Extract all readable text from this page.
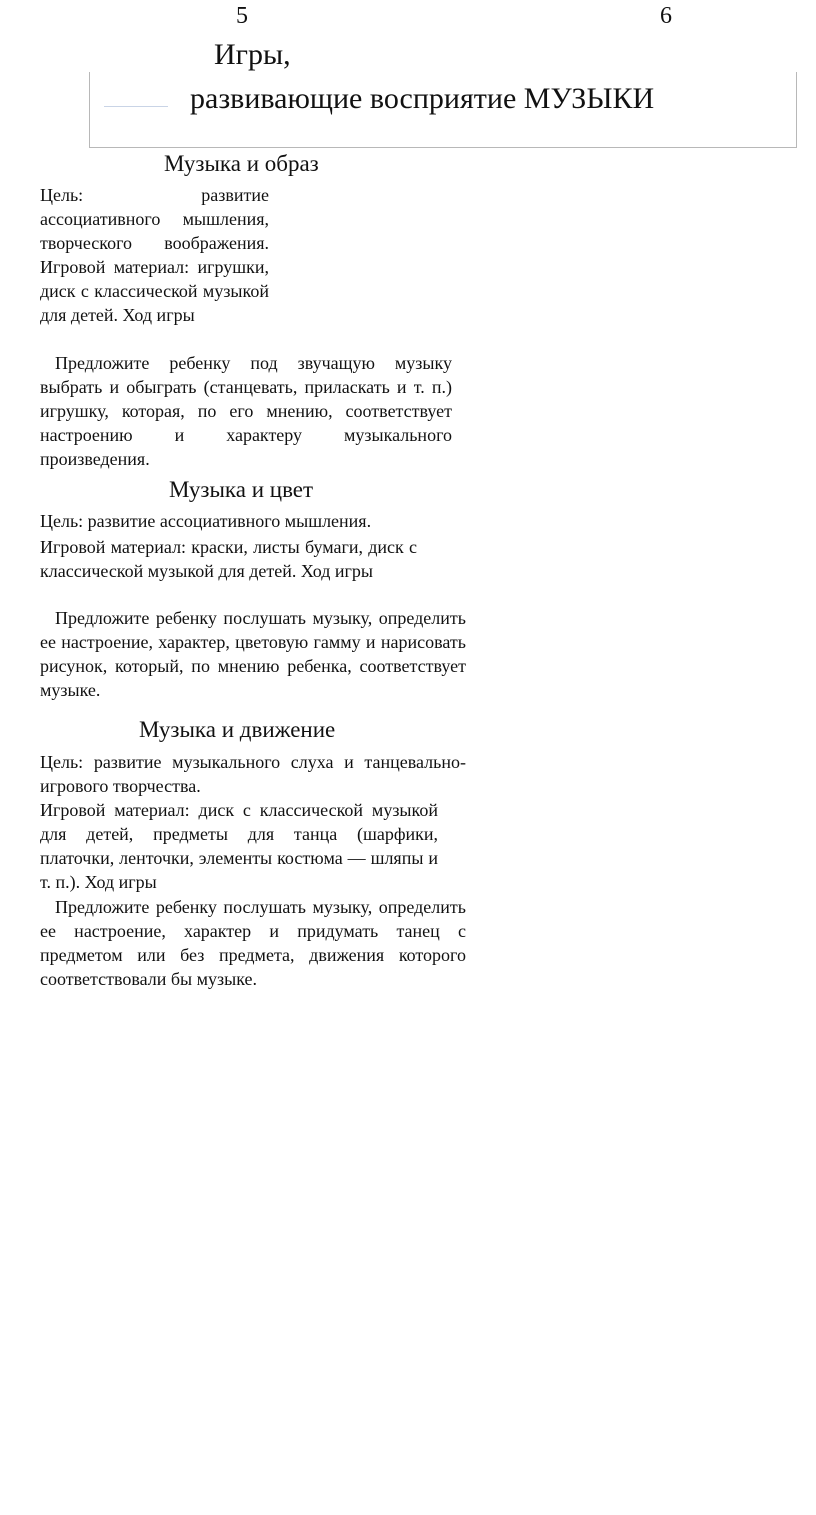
5	6
Игры,
развивающие восприятие МУЗЫКИ
Музыка и образ

Цель: развитие ассоциативного мышления, творческого воображения. Игровой материал: игрушки, диск с классической музыкой для детей. Ход игры

Предложите ребенку под звучащую музыку выбрать и обыграть (станцевать, приласкать и т. п.) игрушку, которая, по его мнению, соответствует настроению и характеру музыкального произведения.

Музыка и цвет

Цель: развитие ассоциативного мышления.

Игровой материал: краски, листы бумаги, диск с классической музыкой для детей. Ход игры

Предложите ребенку послушать музыку, определить ее настроение, характер, цветовую гамму и нарисовать рисунок, который, по мнению ребенка, соответствует музыке.

Музыка и движение

Цель: развитие музыкального слуха и танцевально-игрового творчества.

Игровой материал: диск с классической музыкой для детей, предметы для танца (шарфики, платочки, ленточки, элементы костюма — шляпы и т. п.). Ход игры

Предложите ребенку послушать музыку, определить ее настроение, характер и придумать танец с предметом или без предмета, движения которого соответствовали бы музыке.
